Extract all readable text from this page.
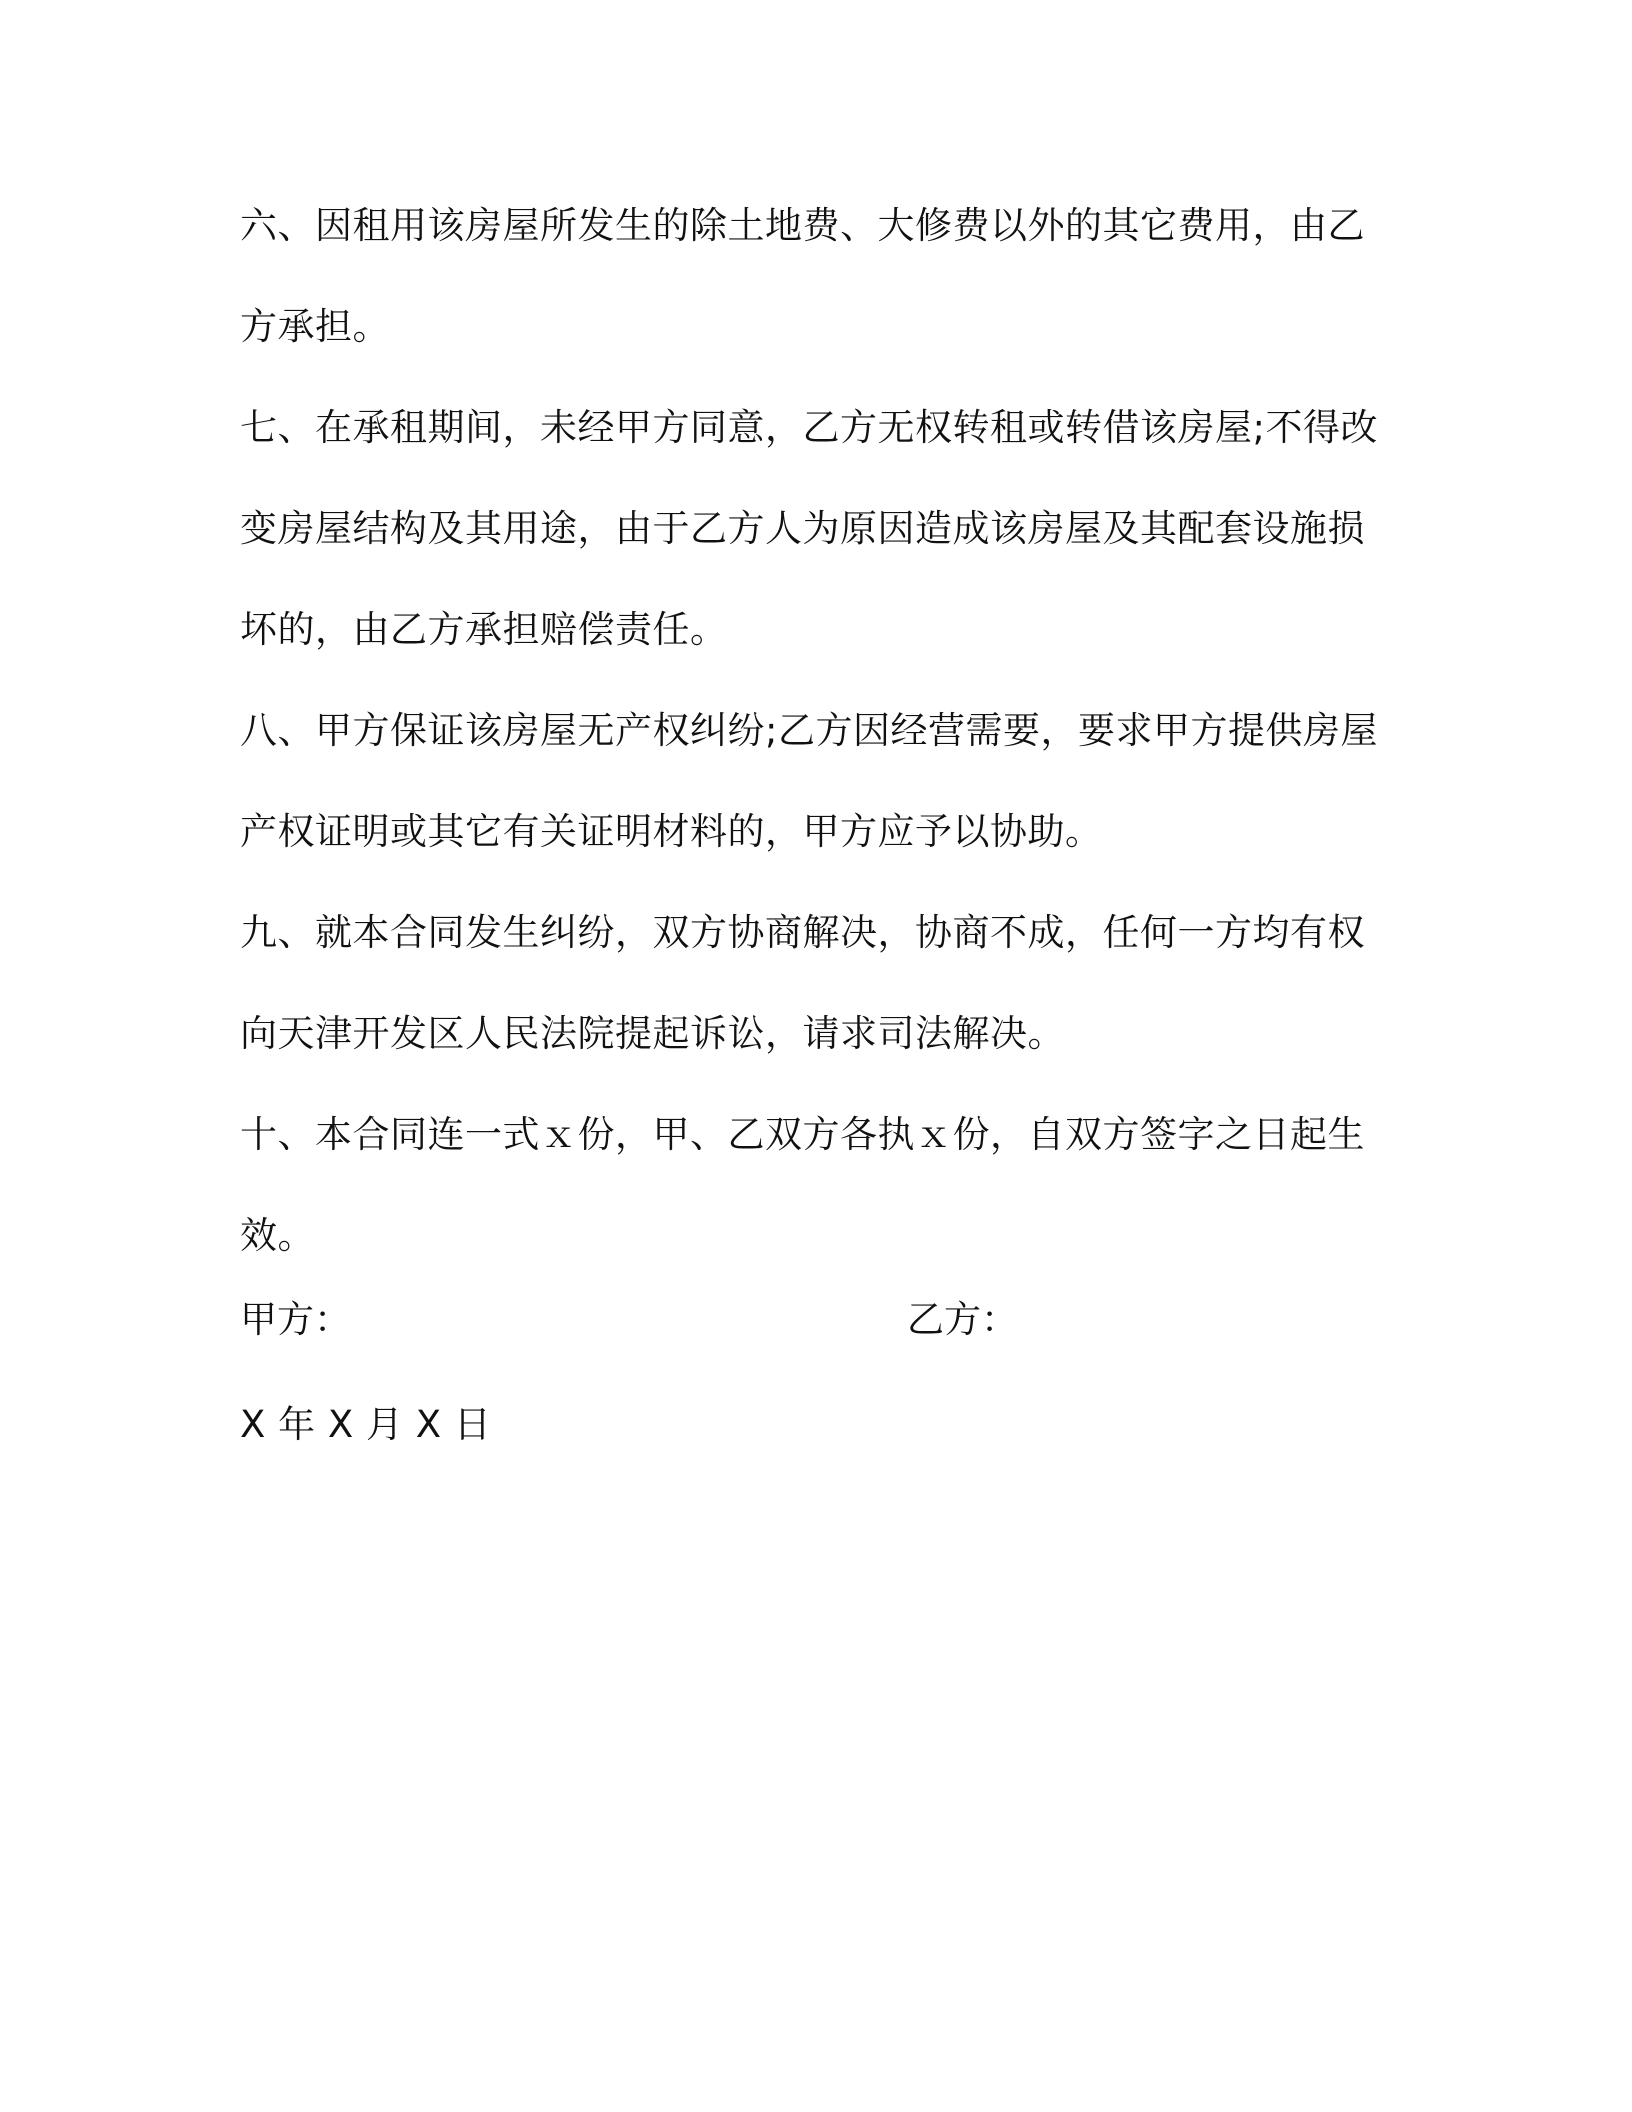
六、因租用该房屋所发生的除土地费、大修费以外的其它费用，由乙方承担。

七、在承租期间，未经甲方同意，乙方无权转租或转借该房屋;不得改变房屋结构及其用途，由于乙方人为原因造成该房屋及其配套设施损坏的，由乙方承担赔偿责任。

八、甲方保证该房屋无产权纠纷;乙方因经营需要，要求甲方提供房屋产权证明或其它有关证明材料的，甲方应予以协助。

九、就本合同发生纠纷，双方协商解决，协商不成，任何一方均有权向天津开发区人民法院提起诉讼，请求司法解决。

十、本合同连一式ｘ份，甲、乙双方各执ｘ份，自双方签字之日起生效。

甲方：	乙方：
X 年 X 月 X 日
